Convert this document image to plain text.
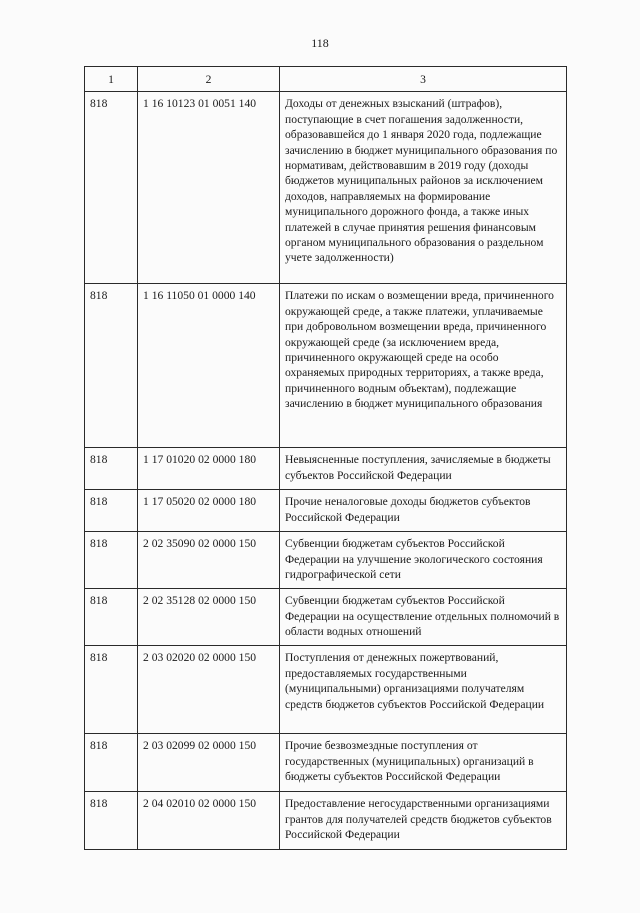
118
1	2	3
818	1 16 10123 01 0051 140	Доходы от денежных взысканий (штрафов), поступающие в счет погашения задолженности, образовавшейся до 1 января 2020 года, подлежащие зачислению в бюджет муниципального образования по нормативам, действовавшим в 2019 году (доходы бюджетов муниципальных районов за исключением доходов, направляемых на формирование муниципального дорожного фонда, а также иных платежей в случае принятия решения финансовым органом муниципального образования о раздельном учете задолженности)
818	1 16 11050 01 0000 140	Платежи по искам о возмещении вреда, причиненного окружающей среде, а также платежи, уплачиваемые при добровольном возмещении вреда, причиненного окружающей среде (за исключением вреда, причиненного окружающей среде на особо охраняемых природных территориях, а также вреда, причиненного водным объектам), подлежащие зачислению в бюджет муниципального образования
818	1 17 01020 02 0000 180	Невыясненные поступления, зачисляемые в бюджеты субъектов Российской Федерации
818	1 17 05020 02 0000 180	Прочие неналоговые доходы бюджетов субъектов Российской Федерации
818	2 02 35090 02 0000 150	Субвенции бюджетам субъектов Российской Федерации на улучшение экологического состояния гидрографической сети
818	2 02 35128 02 0000 150	Субвенции бюджетам субъектов Российской Федерации на осуществление отдельных полномочий в области водных отношений
818	2 03 02020 02 0000 150	Поступления от денежных пожертвований, предоставляемых государственными (муниципальными) организациями получателям средств бюджетов субъектов Российской Федерации
818	2 03 02099 02 0000 150	Прочие безвозмездные поступления от государственных (муниципальных) организаций в бюджеты субъектов Российской Федерации
818	2 04 02010 02 0000 150	Предоставление негосударственными организациями грантов для получателей средств бюджетов субъектов Российской Федерации
